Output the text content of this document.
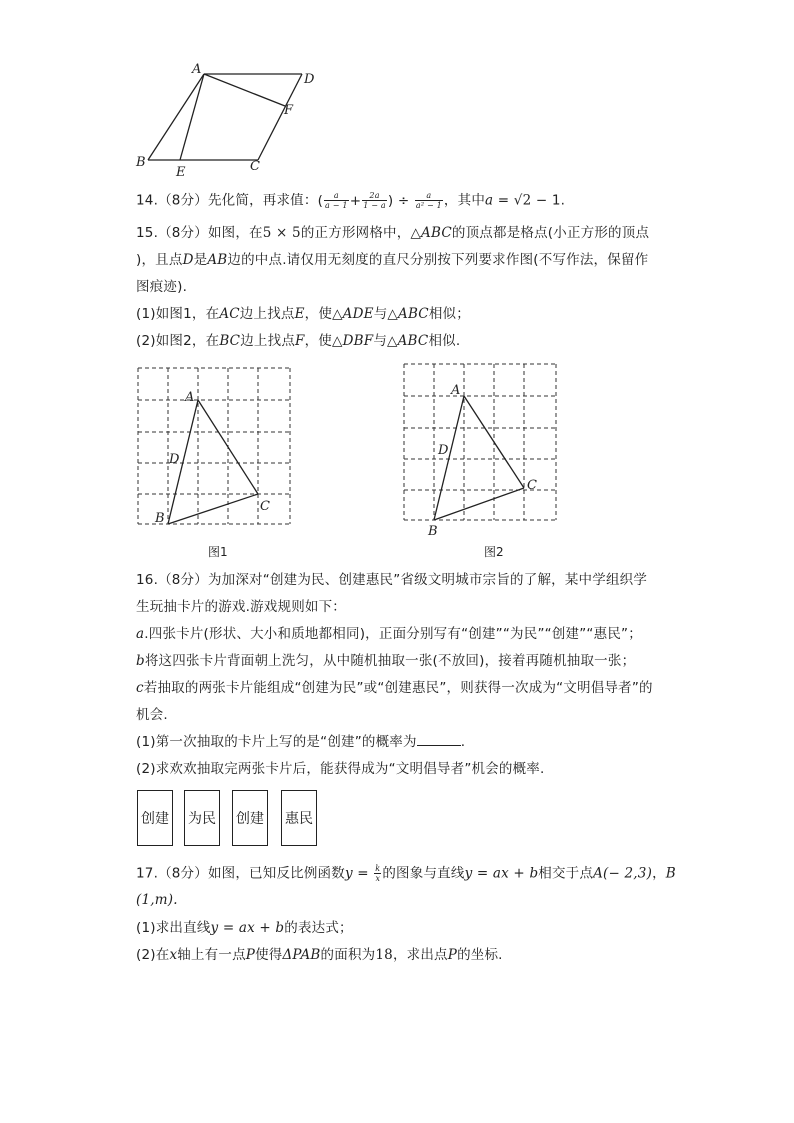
A
D
F
B
E	C
14.（8分）先化简，再求值：( $\frac{a}{a - 1} + \frac{2a}{1 - a}$ ) ÷ $\frac{a}{\text{a² − 1}}$ ，其中a = √2 − 1.
15.（8分）如图，在5 × 5的正方形网格中，△ABC的顶点都是格点(小正方形的顶点
)，且点D是AB边的中点.请仅用无刻度的直尺分别按下列要求作图(不写作法，保留作
图痕迹).
(1)如图1，在AC边上找点E，使△ADE与△ABC相似；
(2)如图2，在BC边上找点F，使△DBF与△ABC相似.
A
D
B
C
图1
A
D
B
C
图2
16.（8分）为加深对“创建为民、创建惠民”省级文明城市宗旨的了解，某中学组织学
生玩抽卡片的游戏.游戏规则如下：
a.四张卡片(形状、大小和质地都相同)，正面分别写有“创建”“为民”“创建”“惠民”；
b将这四张卡片背面朝上洗匀，从中随机抽取一张(不放回)，接着再随机抽取一张；
c若抽取的两张卡片能组成“创建为民”或“创建惠民”，则获得一次成为“文明倡导者”的
机会.
(1)第一次抽取的卡片上写的是“创建”的概率为	.
(2)求欢欢抽取完两张卡片后，能获得成为“文明倡导者”机会的概率.
创建 为民 创建 惠民
17.（8分）如图，已知反比例函数$y = \frac{k}{x}$ 的图象与直线y = ax + b相交于点A(− 2,3)，B
(1,m).
(1)求出直线y = ax + b的表达式；
(2)在x轴上有一点P使得ΔPAB的面积为18，求出点P的坐标.
